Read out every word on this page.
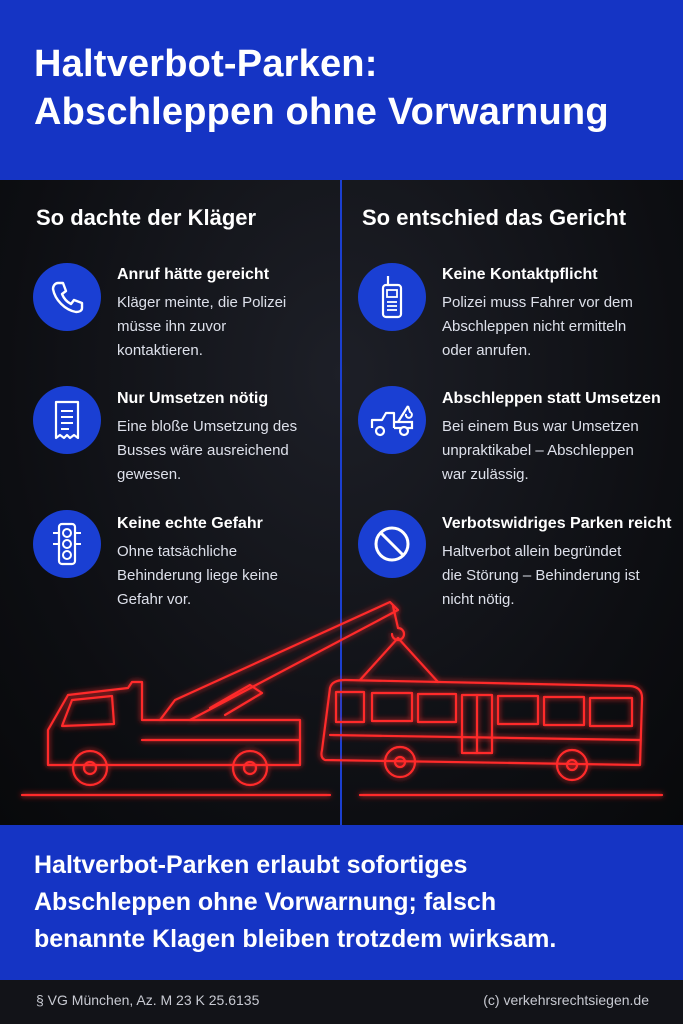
Haltverbot-Parken:
Abschleppen ohne Vorwarnung
So dachte der Kläger	So entschied das Gericht
Anruf hätte gereicht
Kläger meinte, die Polizei
müsse ihn zuvor
kontaktieren.
Nur Umsetzen nötig
Eine bloße Umsetzung des
Busses wäre ausreichend
gewesen.
Keine echte Gefahr
Ohne tatsächliche
Behinderung liege keine
Gefahr vor.
Keine Kontaktpflicht
Polizei muss Fahrer vor dem
Abschleppen nicht ermitteln
oder anrufen.
Abschleppen statt Umsetzen
Bei einem Bus war Umsetzen
unpraktikabel – Abschleppen
war zulässig.
Verbotswidriges Parken reicht
Haltverbot allein begründet
die Störung – Behinderung ist
nicht nötig.

Haltverbot-Parken erlaubt sofortiges
Abschleppen ohne Vorwarnung; falsch
benannte Klagen bleiben trotzdem wirksam.

§ VG München, Az. M 23 K 25.6135	(c) verkehrsrechtsiegen.de
